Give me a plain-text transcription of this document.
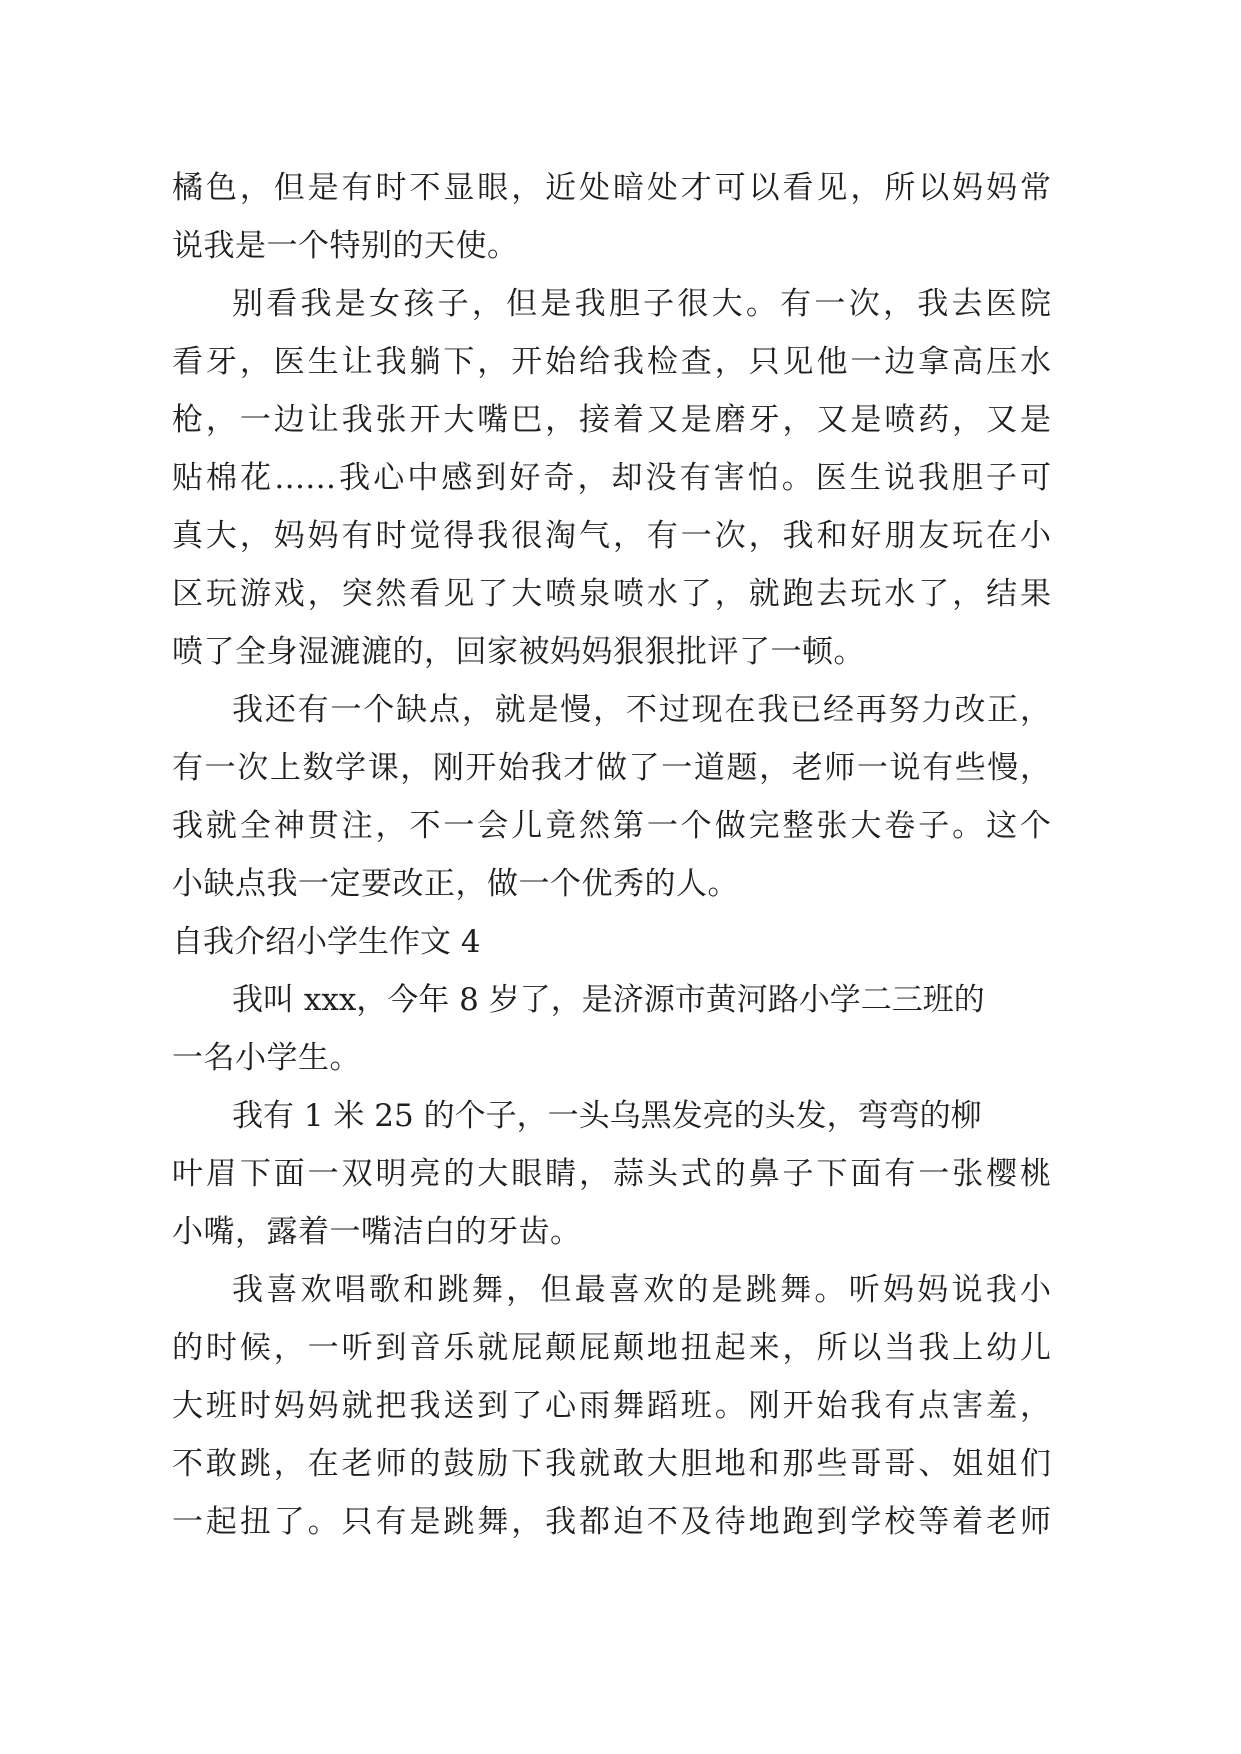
橘色，但是有时不显眼，近处暗处才可以看见，所以妈妈常
说我是一个特别的天使。
别看我是女孩子，但是我胆子很大。有一次，我去医院
看牙，医生让我躺下，开始给我检查，只见他一边拿高压水
枪，一边让我张开大嘴巴，接着又是磨牙，又是喷药，又是
贴棉花……我心中感到好奇，却没有害怕。医生说我胆子可
真大，妈妈有时觉得我很淘气，有一次，我和好朋友玩在小
区玩游戏，突然看见了大喷泉喷水了，就跑去玩水了，结果
喷了全身湿漉漉的，回家被妈妈狠狠批评了一顿。
我还有一个缺点，就是慢，不过现在我已经再努力改正，
有一次上数学课，刚开始我才做了一道题，老师一说有些慢，
我就全神贯注，不一会儿竟然第一个做完整张大卷子。这个
小缺点我一定要改正，做一个优秀的人。
自我介绍小学生作文 4
我叫 xxx，今年 8 岁了，是济源市黄河路小学二三班的
一名小学生。
我有 1 米 25 的个子，一头乌黑发亮的头发，弯弯的柳
叶眉下面一双明亮的大眼睛，蒜头式的鼻子下面有一张樱桃
小嘴，露着一嘴洁白的牙齿。
我喜欢唱歌和跳舞，但最喜欢的是跳舞。听妈妈说我小
的时候，一听到音乐就屁颠屁颠地扭起来，所以当我上幼儿
大班时妈妈就把我送到了心雨舞蹈班。刚开始我有点害羞，
不敢跳，在老师的鼓励下我就敢大胆地和那些哥哥、姐姐们
一起扭了。只有是跳舞，我都迫不及待地跑到学校等着老师
